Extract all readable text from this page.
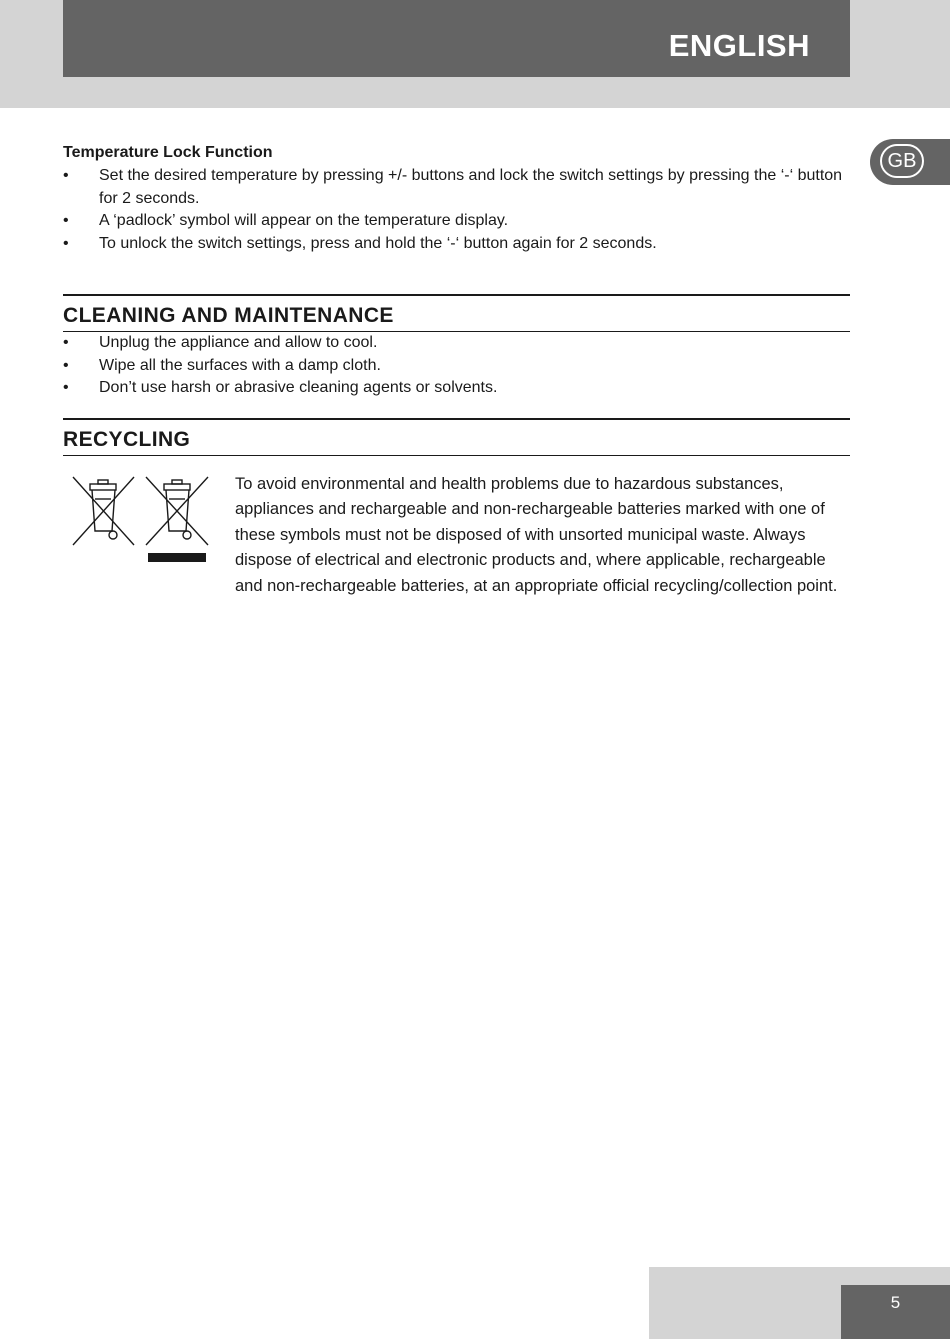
ENGLISH
GB
Temperature Lock Function
• Set the desired temperature by pressing +/- buttons and lock the switch settings by pressing the ‘-‘ button for 2 seconds.
• A ‘padlock’ symbol will appear on the temperature display.
• To unlock the switch settings, press and hold the ‘-‘ button again for 2 seconds.
CLEANING AND MAINTENANCE
• Unplug the appliance and allow to cool.
• Wipe all the surfaces with a damp cloth.
• Don’t use harsh or abrasive cleaning agents or solvents.
RECYCLING
To avoid environmental and health problems due to hazardous substances, appliances and rechargeable and non-rechargeable batteries marked with one of these symbols must not be disposed of with unsorted municipal waste. Always dispose of electrical and electronic products and, where applicable, rechargeable and non-rechargeable batteries, at an appropriate official recycling/collection point.
5
